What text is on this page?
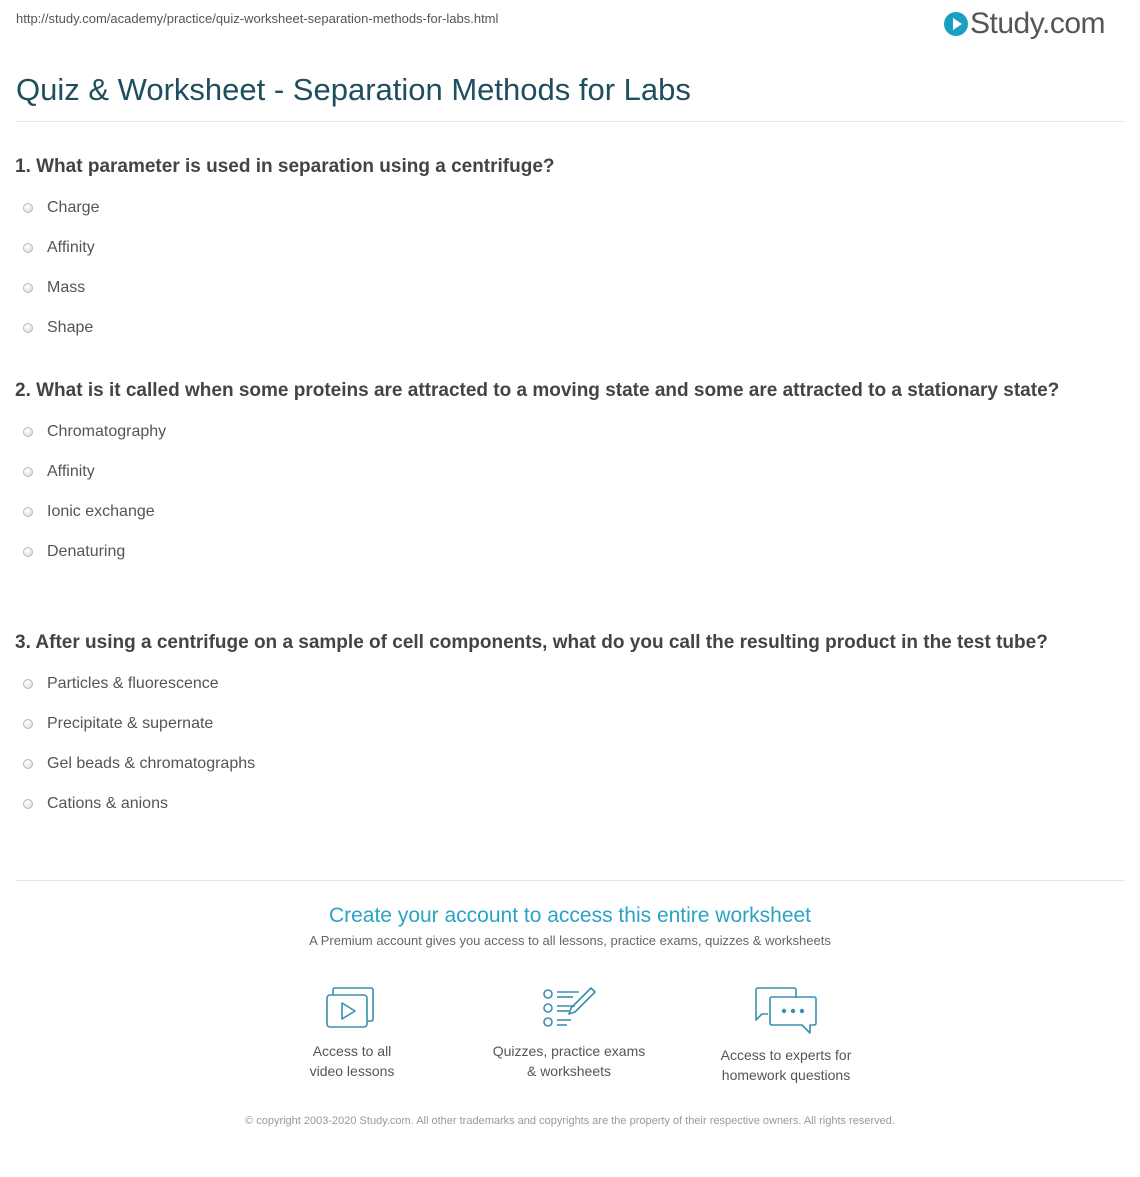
http://study.com/academy/practice/quiz-worksheet-separation-methods-for-labs.html	Study.com
Quiz & Worksheet - Separation Methods for Labs

1. What parameter is used in separation using a centrifuge?

Charge
Affinity
Mass
Shape

2. What is it called when some proteins are attracted to a moving state and some are attracted to a stationary state?

Chromatography
Affinity
Ionic exchange
Denaturing

3. After using a centrifuge on a sample of cell components, what do you call the resulting product in the test tube?

Particles & fluorescence
Precipitate & supernate
Gel beads & chromatographs
Cations & anions

Create your account to access this entire worksheet

A Premium account gives you access to all lessons, practice exams, quizzes & worksheets

Access to all
video lessons
Quizzes, practice exams
& worksheets
Access to experts for
homework questions
© copyright 2003-2020 Study.com. All other trademarks and copyrights are the property of their respective owners. All rights reserved.
